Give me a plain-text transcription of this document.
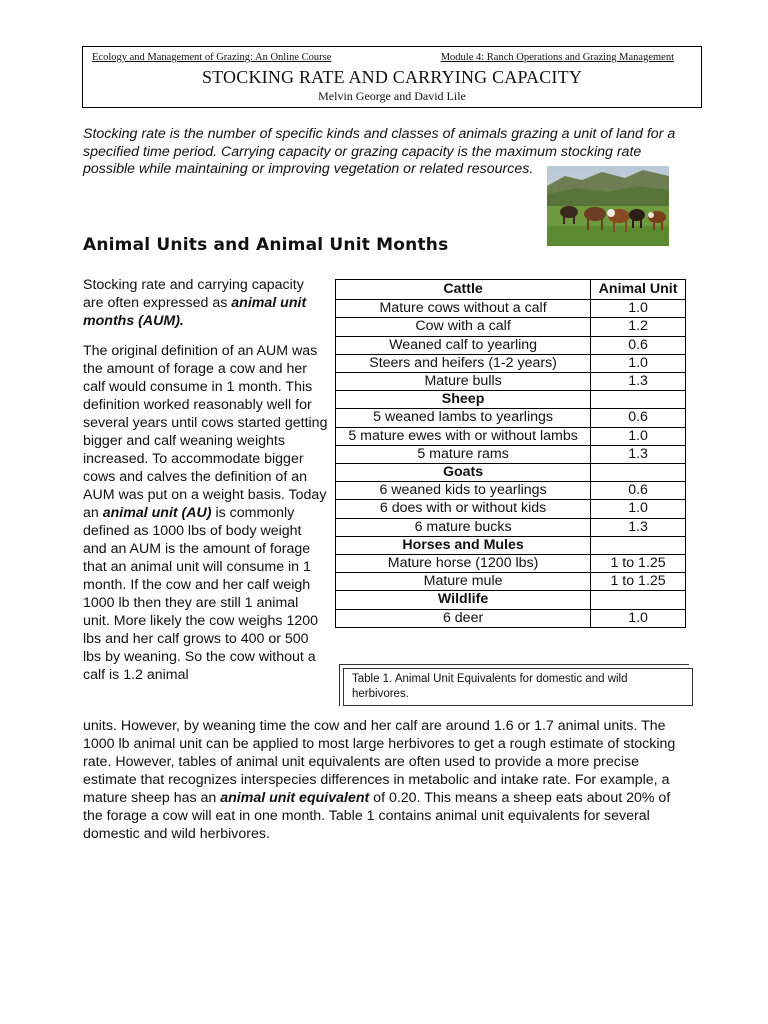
Ecology and Management of Grazing: An Online Course	Module 4: Ranch Operations and Grazing Management
STOCKING RATE AND CARRYING CAPACITY
Melvin George and David Lile
Stocking rate is the number of specific kinds and classes of animals grazing a unit of land for a specified time period. Carrying capacity or grazing capacity is the maximum stocking rate possible while maintaining or improving vegetation or related resources.
Animal Units and Animal Unit Months

Stocking rate and carrying capacity are often expressed as animal unit months (AUM).

The original definition of an AUM was the amount of forage a cow and her calf would consume in 1 month. This definition worked reasonably well for several years until cows started getting bigger and calf weaning weights increased. To accommodate bigger cows and calves the definition of an AUM was put on a weight basis. Today an animal unit (AU) is commonly defined as 1000 lbs of body weight and an AUM is the amount of forage that an animal unit will consume in 1 month. If the cow and her calf weigh 1000 lb then they are still 1 animal unit. More likely the cow weighs 1200 lbs and her calf grows to 400 or 500 lbs by weaning. So the cow without a calf is 1.2 animal

Cattle	Animal Unit
Mature cows without a calf	1.0
Cow with a calf	1.2
Weaned calf to yearling	0.6
Steers and heifers (1-2 years)	1.0
Mature bulls	1.3
Sheep	
5 weaned lambs to yearlings	0.6
5 mature ewes with or without lambs	1.0
5 mature rams	1.3
Goats	
6 weaned kids to yearlings	0.6
6 does with or without kids	1.0
6 mature bucks	1.3
Horses and Mules	
Mature horse (1200 lbs)	1 to 1.25
Mature mule	1 to 1.25
Wildlife	
6 deer	1.0
Table 1. Animal Unit Equivalents for domestic and wild herbivores.
units. However, by weaning time the cow and her calf are around 1.6 or 1.7 animal units. The 1000 lb animal unit can be applied to most large herbivores to get a rough estimate of stocking rate. However, tables of animal unit equivalents are often used to provide a more precise estimate that recognizes interspecies differences in metabolic and intake rate. For example, a mature sheep has an animal unit equivalent of 0.20. This means a sheep eats about 20% of the forage a cow will eat in one month. Table 1 contains animal unit equivalents for several domestic and wild herbivores.
